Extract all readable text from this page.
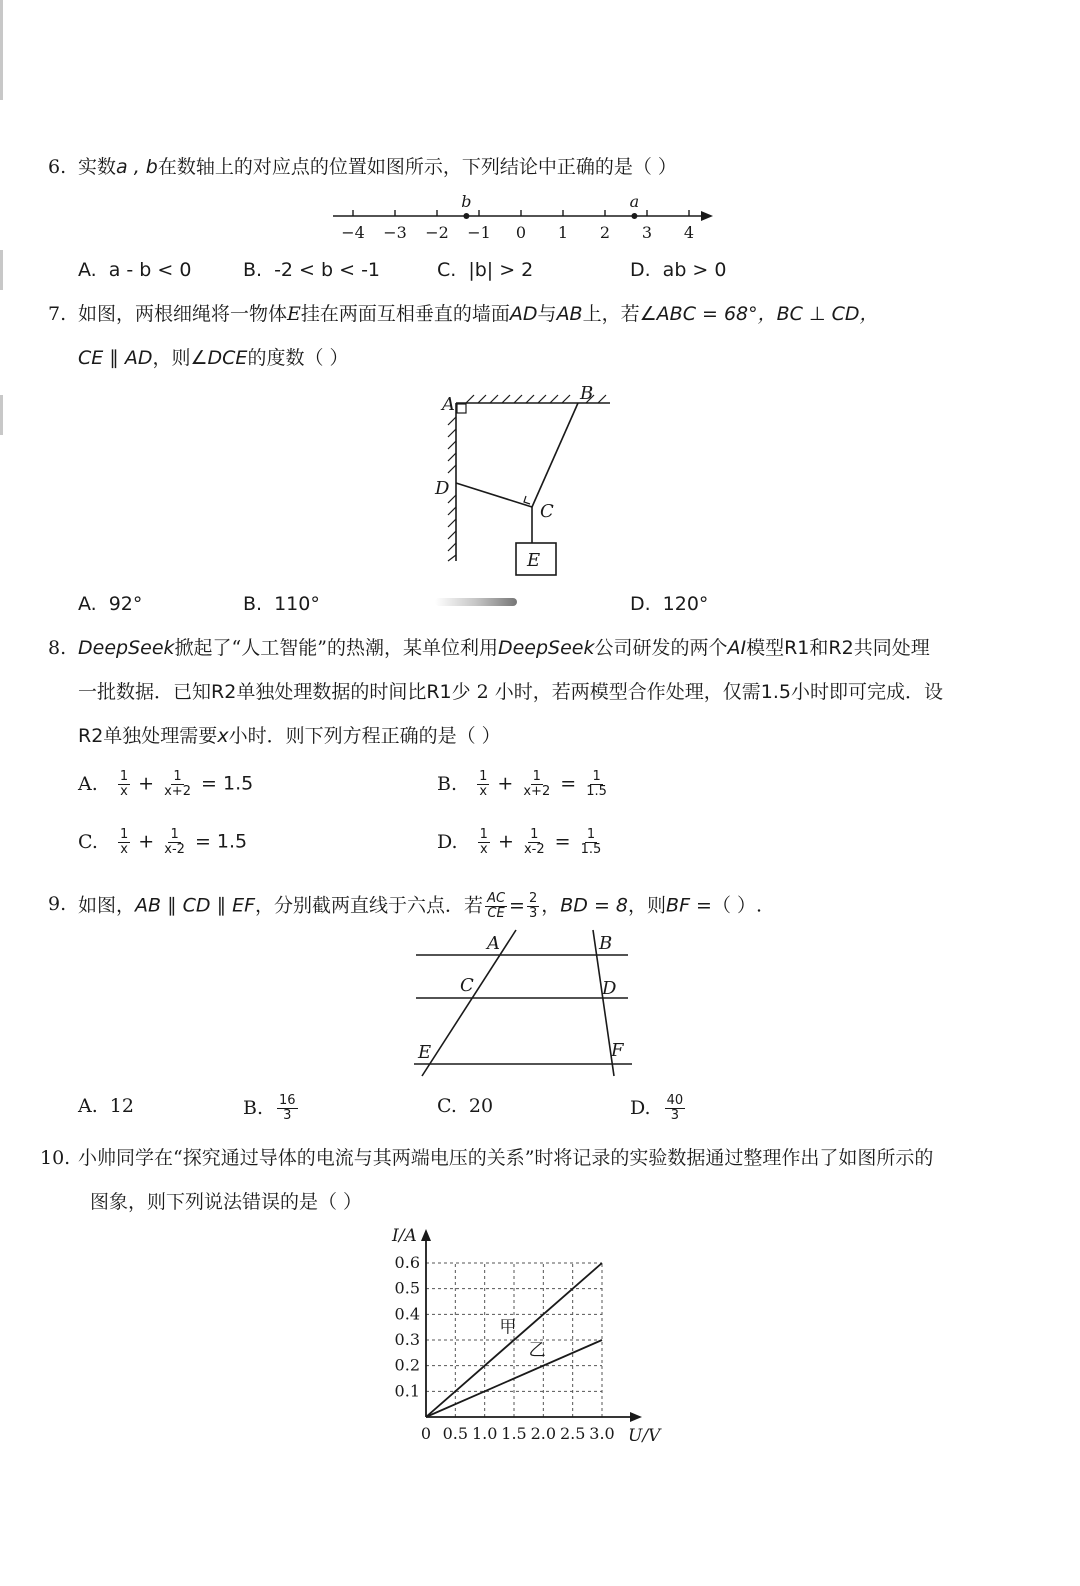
6. 实数a , b在数轴上的对应点的位置如图所示，下列结论中正确的是（ ）
−4 −3 −2 −1 0 1 2 3 4
b	a
A. a - b < 0	B. -2 < b < -1	C. |b| > 2	D. ab > 0
7. 如图，两根细绳将一物体E挂在两面互相垂直的墙面AD与AB上，若∠ABC = 68°，BC ⊥ CD，
CE ∥ AD，则∠DCE的度数（ ）
A
B
D
C
E
A. 92°	B. 110°	D. 120°
8. DeepSeek掀起了“人工智能”的热潮，某单位利用DeepSeek公司研发的两个AI模型R1和R2共同处理
一批数据．已知R2单独处理数据的时间比R1少 2 小时，若两模型合作处理，仅需1.5小时即可完成．设
R2单独处理需要x小时．则下列方程正确的是（ ）
A. $\frac{1}{x} + \frac{1}{x+2} = 1.5$	B. $\frac{1}{x} + \frac{1}{x+2} = \frac{1}{1.5}$
C. $\frac{1}{x} + \frac{1}{x-2} = 1.5$	D. $\frac{1}{x} + \frac{1}{x-2} = \frac{1}{1.5}$
9. 如图，AB ∥ CD ∥ EF，分别截两直线于六点．若 $\frac{AC}{CE} = \frac{2}{3}$ ，BD = 8，则BF =（ ）.
A	B
C	D
E	F
A. 12	B. $\frac{16}{3}$	C. 20	D. $\frac{40}{3}$
10. 小帅同学在“探究通过导体的电流与其两端电压的关系”时将记录的实验数据通过整理作出了如图所示的
图象，则下列说法错误的是（ ）
0 0.5 1.0 1.5 2.0 2.5 3.0
0.1
0.2
0.3
0.4
0.5
0.6
甲
乙
I/A
U/V
